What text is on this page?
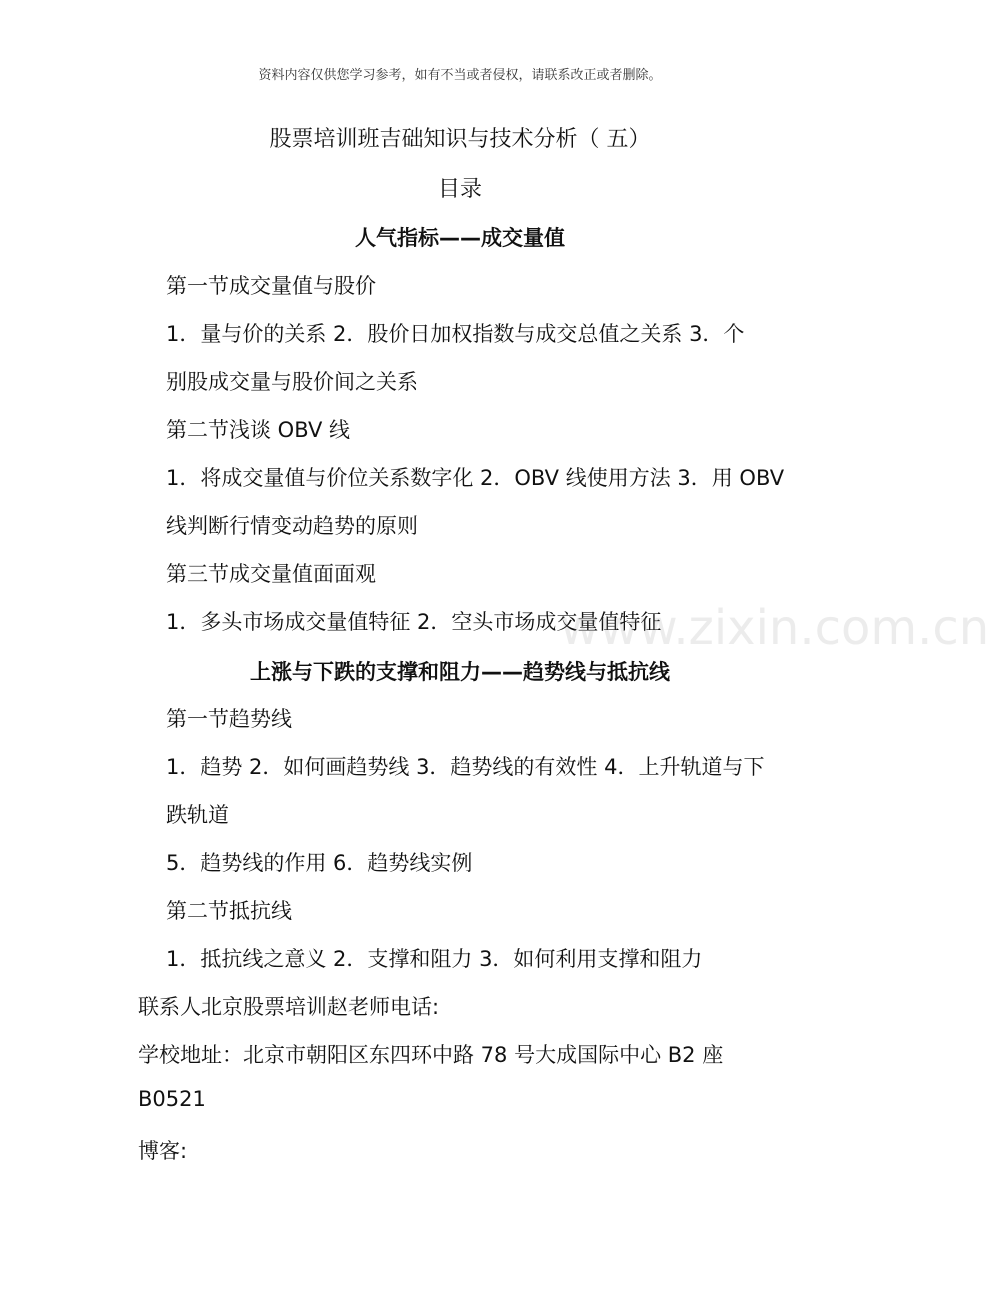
资料内容仅供您学习参考，如有不当或者侵权，请联系改正或者删除。
股票培训班吉础知识与技术分析（ 五）
目录
人气指标——成交量值
第一节成交量值与股价
1．量与价的关系 2．股价日加权指数与成交总值之关系 3．个
别股成交量与股价间之关系
第二节浅谈 OBV 线
1．将成交量值与价位关系数字化 2．OBV 线使用方法 3．用 OBV
线判断行情变动趋势的原则
第三节成交量值面面观
1．多头市场成交量值特征 2．空头市场成交量值特征
www.zixin.com.cn
上涨与下跌的支撑和阻力——趋势线与抵抗线
第一节趋势线
1．趋势 2．如何画趋势线 3．趋势线的有效性 4．上升轨道与下
跌轨道
5．趋势线的作用 6．趋势线实例
第二节抵抗线
1．抵抗线之意义 2．支撑和阻力 3．如何利用支撑和阻力
联系人北京股票培训赵老师电话:
学校地址：北京市朝阳区东四环中路 78 号大成国际中心 B2 座
B0521
博客:
